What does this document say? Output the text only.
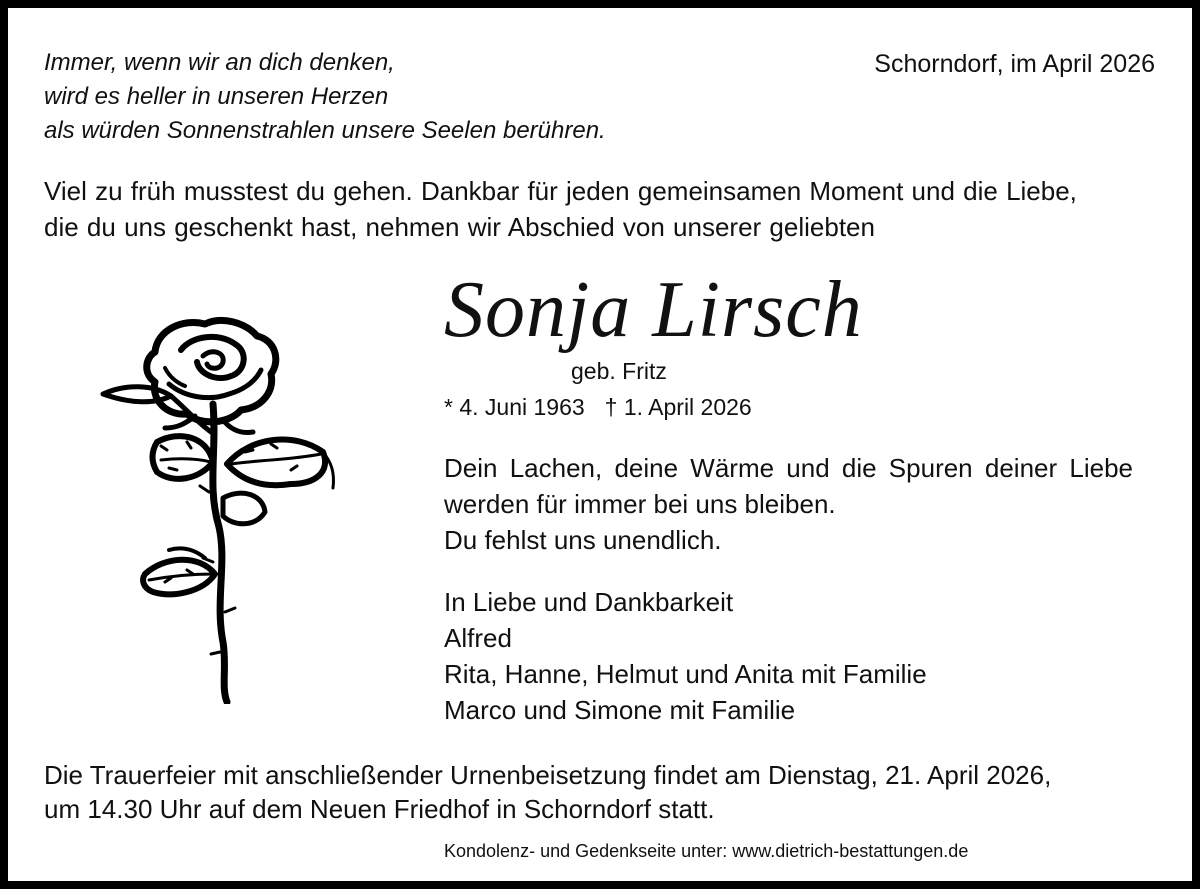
Immer, wenn wir an dich denken,
wird es heller in unseren Herzen
als würden Sonnenstrahlen unsere Seelen berühren.
Schorndorf, im April 2026
Viel zu früh musstest du gehen. Dankbar für jeden gemeinsamen Moment und die Liebe,
die du uns geschenkt hast, nehmen wir Abschied von unserer geliebten
Sonja Lirsch
geb. Fritz
* 4. Juni 1963 † 1. April 2026
Dein Lachen, deine Wärme und die Spuren deiner Liebe
werden für immer bei uns bleiben.
Du fehlst uns unendlich.
In Liebe und Dankbarkeit
Alfred
Rita, Hanne, Helmut und Anita mit Familie
Marco und Simone mit Familie
Die Trauerfeier mit anschließender Urnenbeisetzung findet am Dienstag, 21. April 2026,
um 14.30 Uhr auf dem Neuen Friedhof in Schorndorf statt.
Kondolenz- und Gedenkseite unter: www.dietrich-bestattungen.de
